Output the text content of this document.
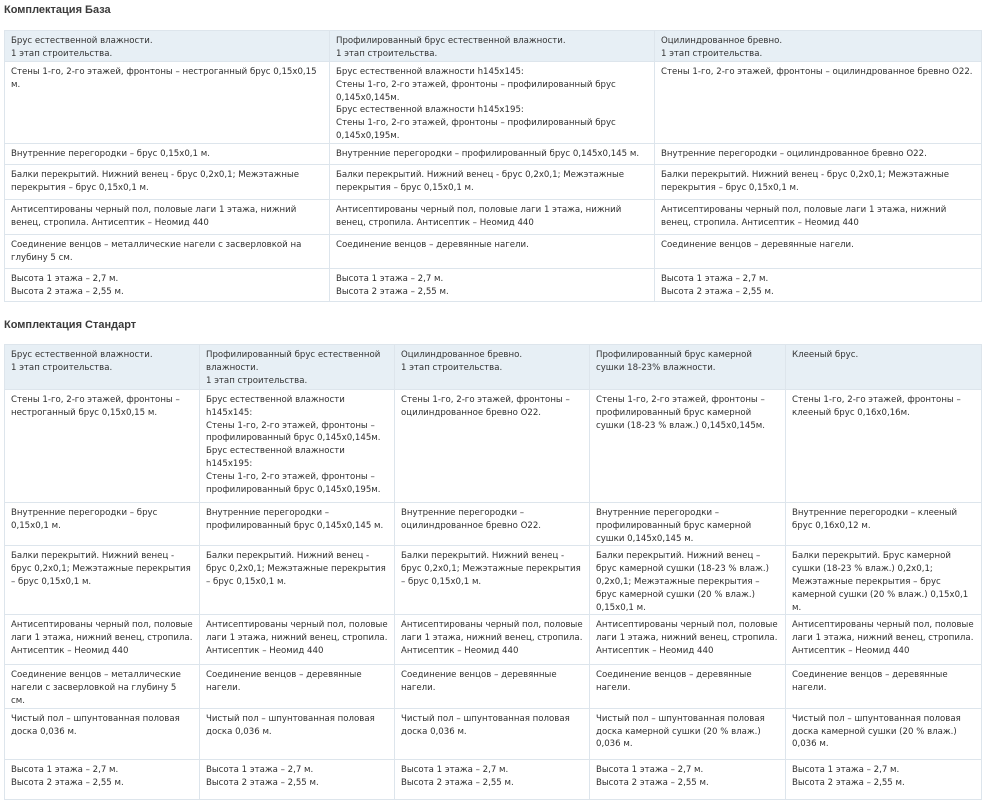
Комплектация База
Брус естественной влажности.
1 этап строительства.	Профилированный брус естественной влажности.
1 этап строительства.	Оцилиндрованное бревно.
1 этап строительства.

Стены 1-го, 2-го этажей, фронтоны – нестроганный брус 0,15х0,15 м.	Брус естественной влажности h145х145:
Стены 1-го, 2-го этажей, фронтоны – профилированный брус 0,145х0,145м.
Брус естественной влажности h145х195:
Стены 1-го, 2-го этажей, фронтоны – профилированный брус 0,145х0,195м.	Стены 1-го, 2-го этажей, фронтоны – оцилиндрованное бревно О22.

Внутренние перегородки – брус 0,15х0,1 м.	Внутренние перегородки – профилированный брус 0,145х0,145 м.	Внутренние перегородки – оцилиндрованное бревно О22.

Балки перекрытий. Нижний венец - брус 0,2х0,1; Межэтажные перекрытия – брус 0,15х0,1 м.	Балки перекрытий. Нижний венец - брус 0,2х0,1; Межэтажные перекрытия – брус 0,15х0,1 м.	Балки перекрытий. Нижний венец - брус 0,2х0,1; Межэтажные перекрытия – брус 0,15х0,1 м.

Антисептированы черный пол, половые лаги 1 этажа, нижний венец, стропила. Антисептик – Неомид 440	Антисептированы черный пол, половые лаги 1 этажа, нижний венец, стропила. Антисептик – Неомид 440	Антисептированы черный пол, половые лаги 1 этажа, нижний венец, стропила. Антисептик – Неомид 440

Соединение венцов – металлические нагели с засверловкой на глубину 5 см.	Соединение венцов – деревянные нагели.	Соединение венцов – деревянные нагели.

Высота 1 этажа – 2,7 м.
Высота 2 этажа – 2,55 м.	Высота 1 этажа – 2,7 м.
Высота 2 этажа – 2,55 м.	Высота 1 этажа – 2,7 м.
Высота 2 этажа – 2,55 м.
Комплектация Стандарт
Брус естественной влажности.
1 этап строительства.	Профилированный брус естественной влажности.
1 этап строительства.	Оцилиндрованное бревно.
1 этап строительства.	Профилированный брус камерной сушки 18-23% влажности.	Клееный брус.

Стены 1-го, 2-го этажей, фронтоны – нестроганный брус 0,15х0,15 м.	Брус естественной влажности h145х145:
Стены 1-го, 2-го этажей, фронтоны – профилированный брус 0,145х0,145м.
Брус естественной влажности h145х195:
Стены 1-го, 2-го этажей, фронтоны – профилированный брус 0,145х0,195м.	Стены 1-го, 2-го этажей, фронтоны – оцилиндрованное бревно О22.	Стены 1-го, 2-го этажей, фронтоны – профилированный брус камерной сушки (18-23 % влаж.) 0,145х0,145м.	Стены 1-го, 2-го этажей, фронтоны – клееный брус 0,16х0,16м.

Внутренние перегородки – брус 0,15х0,1 м.	Внутренние перегородки – профилированный брус 0,145х0,145 м.	Внутренние перегородки – оцилиндрованное бревно О22.	Внутренние перегородки – профилированный брус камерной сушки 0,145х0,145 м.	Внутренние перегородки – клееный брус 0,16х0,12 м.

Балки перекрытий. Нижний венец - брус 0,2х0,1; Межэтажные перекрытия – брус 0,15х0,1 м.	Балки перекрытий. Нижний венец - брус 0,2х0,1; Межэтажные перекрытия – брус 0,15х0,1 м.	Балки перекрытий. Нижний венец - брус 0,2х0,1; Межэтажные перекрытия – брус 0,15х0,1 м.	Балки перекрытий. Нижний венец – брус камерной сушки (18-23 % влаж.) 0,2х0,1; Межэтажные перекрытия – брус камерной сушки (20 % влаж.) 0,15х0,1 м.	Балки перекрытий. Брус камерной сушки (18-23 % влаж.) 0,2х0,1; Межэтажные перекрытия – брус камерной сушки (20 % влаж.) 0,15х0,1 м.

Антисептированы черный пол, половые лаги 1 этажа, нижний венец, стропила. Антисептик – Неомид 440	Антисептированы черный пол, половые лаги 1 этажа, нижний венец, стропила. Антисептик – Неомид 440	Антисептированы черный пол, половые лаги 1 этажа, нижний венец, стропила. Антисептик – Неомид 440	Антисептированы черный пол, половые лаги 1 этажа, нижний венец, стропила. Антисептик – Неомид 440	Антисептированы черный пол, половые лаги 1 этажа, нижний венец, стропила. Антисептик – Неомид 440

Соединение венцов – металлические нагели с засверловкой на глубину 5 см.	Соединение венцов – деревянные нагели.	Соединение венцов – деревянные нагели.	Соединение венцов – деревянные нагели.	Соединение венцов – деревянные нагели.

Чистый пол – шпунтованная половая доска 0,036 м.	Чистый пол – шпунтованная половая доска 0,036 м.	Чистый пол – шпунтованная половая доска 0,036 м.	Чистый пол – шпунтованная половая доска камерной сушки (20 % влаж.) 0,036 м.	Чистый пол – шпунтованная половая доска камерной сушки (20 % влаж.) 0,036 м.

Высота 1 этажа – 2,7 м.
Высота 2 этажа – 2,55 м.	Высота 1 этажа – 2,7 м.
Высота 2 этажа – 2,55 м.	Высота 1 этажа – 2,7 м.
Высота 2 этажа – 2,55 м.	Высота 1 этажа – 2,7 м.
Высота 2 этажа – 2,55 м.	Высота 1 этажа – 2,7 м.
Высота 2 этажа – 2,55 м.
